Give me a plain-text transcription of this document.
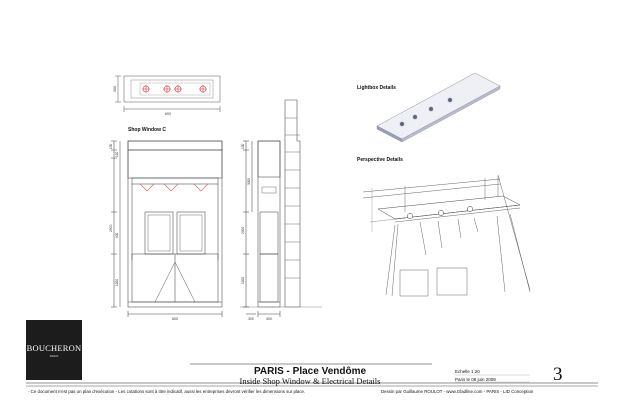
300
600
130
120
2900
900
1200
600
130
3000
2900
1200
300
300
Shop Window C
Lightbox Details
Perspective Details
BOUCHERON
PARIS
PARIS - Place Vendôme
Inside Shop Window & Electrical Details
Echelle 1:20
Paris le 08 juin 2009	3
- Ce document n'est pas un plan d'exécution - Les cotations sont à titre indicatif, aussi les entreprises devront vérifier les dimensions sur place.	Dessin par Guillaume ROULOT - www.Gladline.com - PARIS - LID Conception
